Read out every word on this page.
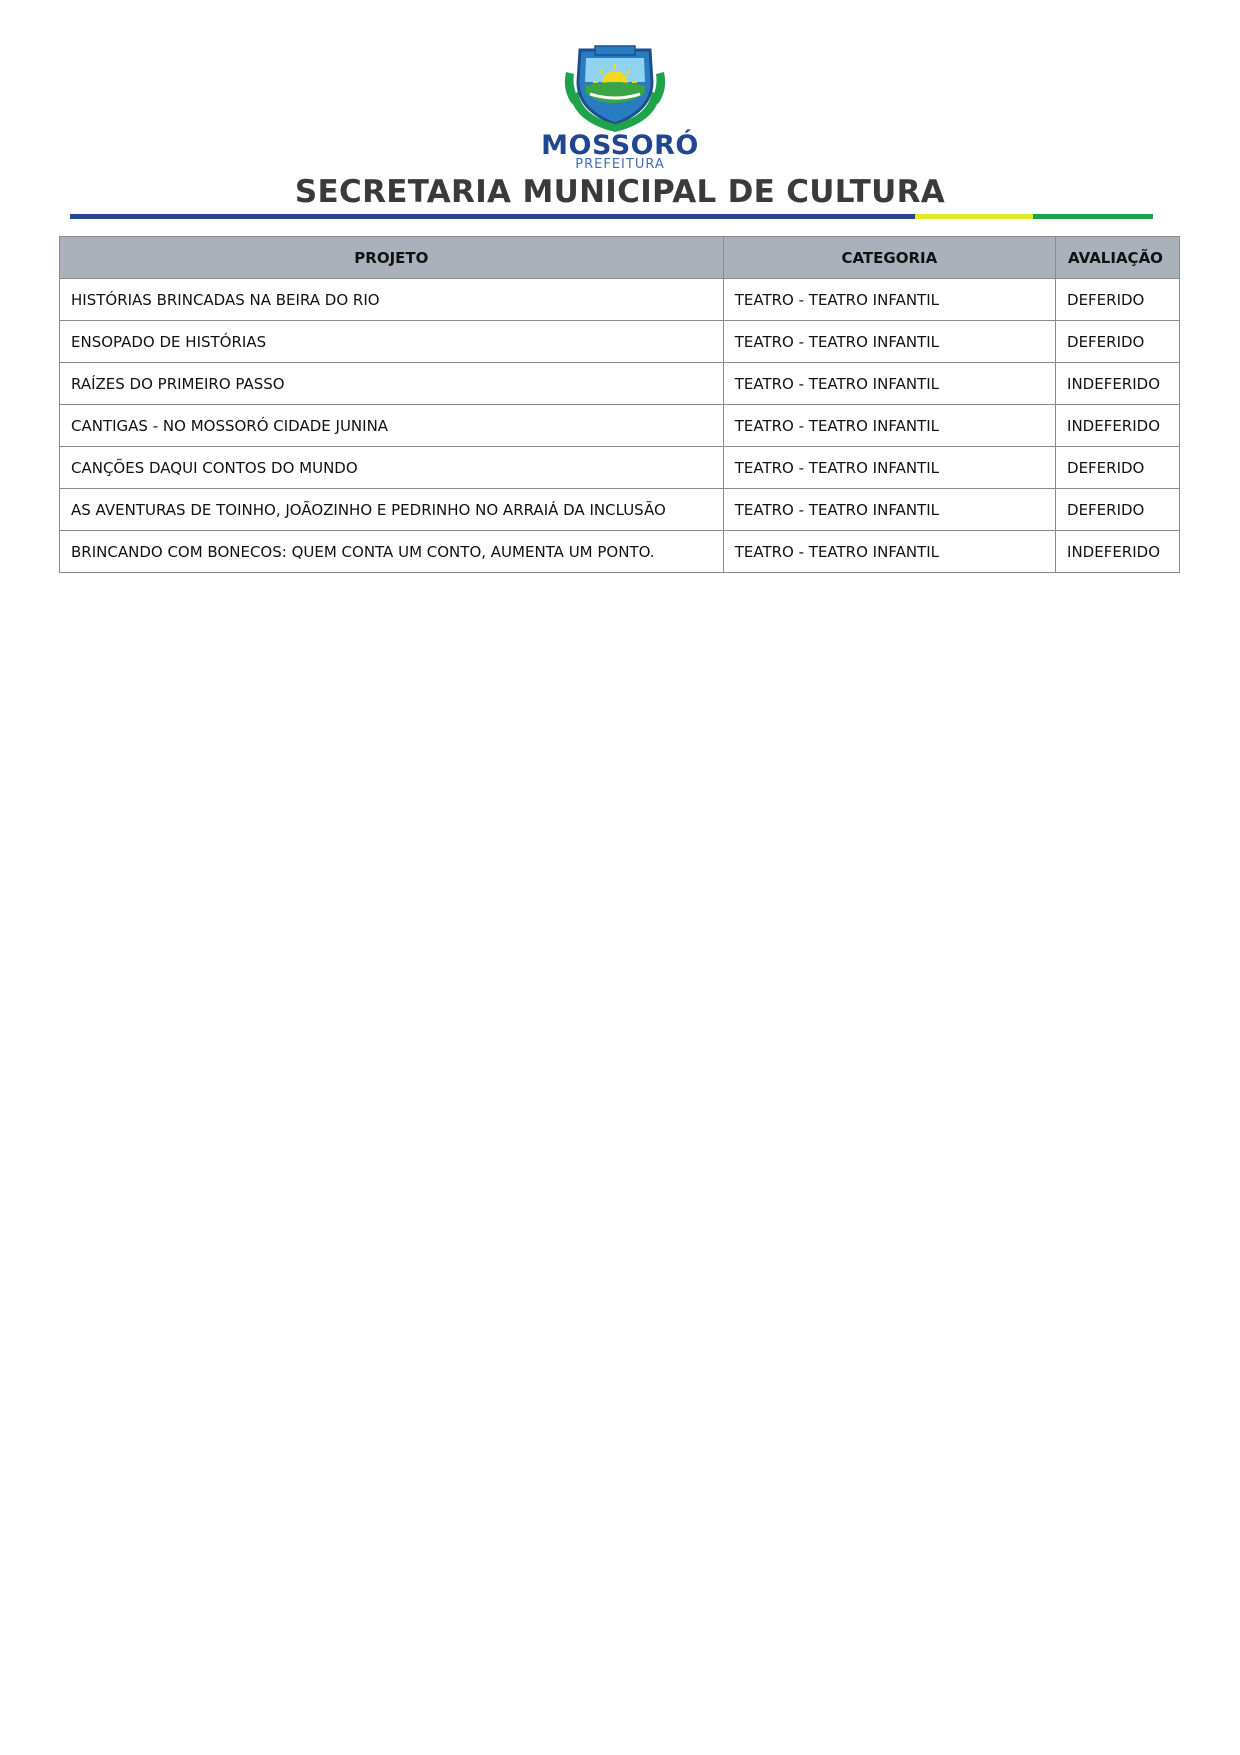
MOSSORÓ
PREFEITURA
SECRETARIA MUNICIPAL DE CULTURA
PROJETO	CATEGORIA	AVALIAÇÃO
HISTÓRIAS BRINCADAS NA BEIRA DO RIO	TEATRO - TEATRO INFANTIL	DEFERIDO
ENSOPADO DE HISTÓRIAS	TEATRO - TEATRO INFANTIL	DEFERIDO
RAÍZES DO PRIMEIRO PASSO	TEATRO - TEATRO INFANTIL	INDEFERIDO
CANTIGAS - NO MOSSORÓ CIDADE JUNINA	TEATRO - TEATRO INFANTIL	INDEFERIDO
CANÇÕES DAQUI CONTOS DO MUNDO	TEATRO - TEATRO INFANTIL	DEFERIDO
AS AVENTURAS DE TOINHO, JOÃOZINHO E PEDRINHO NO ARRAIÁ DA INCLUSÃO	TEATRO - TEATRO INFANTIL	DEFERIDO
BRINCANDO COM BONECOS: QUEM CONTA UM CONTO, AUMENTA UM PONTO.	TEATRO - TEATRO INFANTIL	INDEFERIDO
